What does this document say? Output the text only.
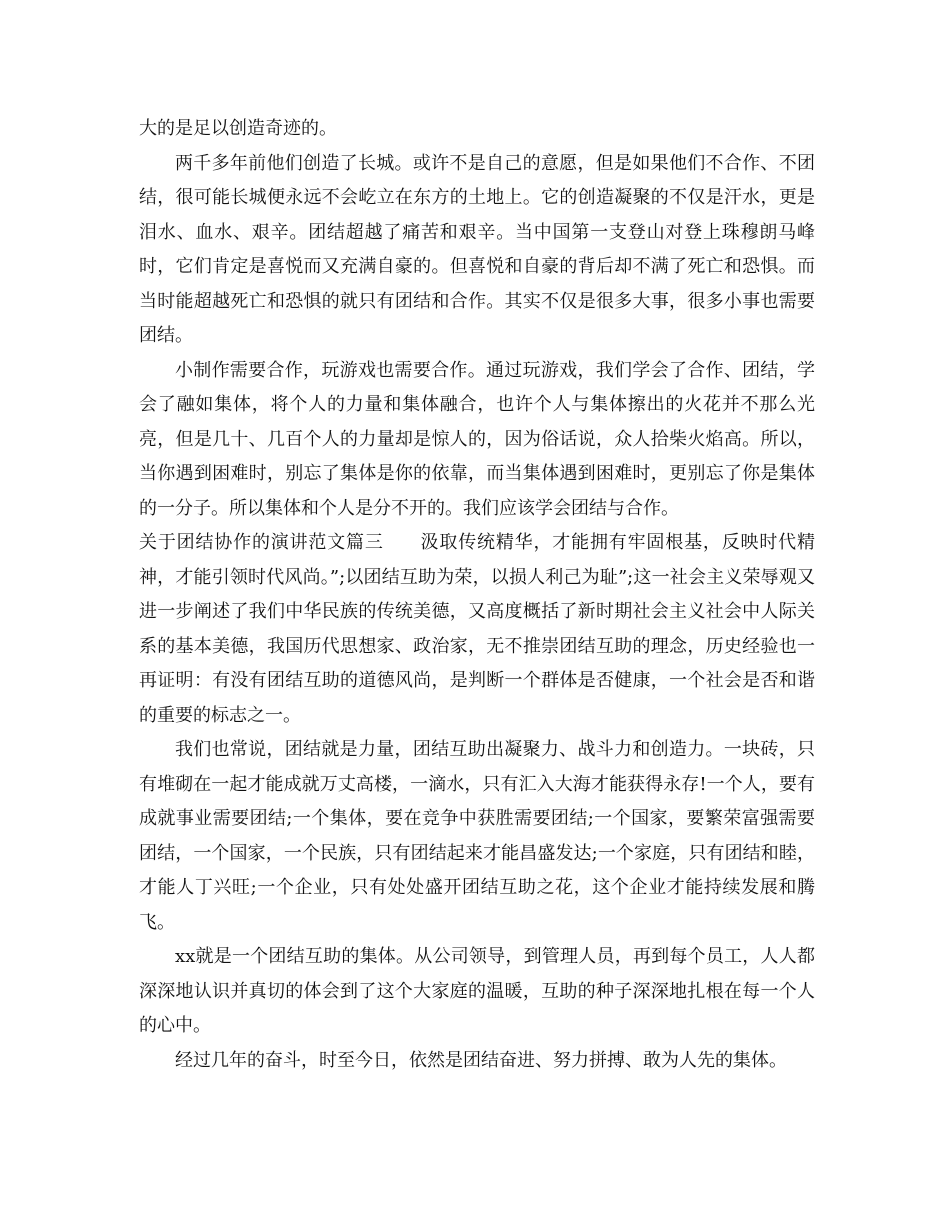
大的是足以创造奇迹的。

两千多年前他们创造了长城。或许不是自己的意愿，但是如果他们不合作、不团结，很可能长城便永远不会屹立在东方的土地上。它的创造凝聚的不仅是汗水，更是泪水、血水、艰辛。团结超越了痛苦和艰辛。当中国第一支登山对登上珠穆朗马峰时，它们肯定是喜悦而又充满自豪的。但喜悦和自豪的背后却不满了死亡和恐惧。而当时能超越死亡和恐惧的就只有团结和合作。其实不仅是很多大事，很多小事也需要团结。

小制作需要合作，玩游戏也需要合作。通过玩游戏，我们学会了合作、团结，学会了融如集体，将个人的力量和集体融合，也许个人与集体擦出的火花并不那么光亮，但是几十、几百个人的力量却是惊人的，因为俗话说，众人拾柴火焰高。所以，当你遇到困难时，别忘了集体是你的依靠，而当集体遇到困难时，更别忘了你是集体的一分子。所以集体和个人是分不开的。我们应该学会团结与合作。

关于团结协作的演讲范文篇三 汲取传统精华，才能拥有牢固根基，反映时代精神，才能引领时代风尚。”;以团结互助为荣，以损人利己为耻”;这一社会主义荣辱观又进一步阐述了我们中华民族的传统美德，又高度概括了新时期社会主义社会中人际关系的基本美德，我国历代思想家、政治家，无不推崇团结互助的理念，历史经验也一再证明：有没有团结互助的道德风尚，是判断一个群体是否健康，一个社会是否和谐的重要的标志之一。

我们也常说，团结就是力量，团结互助出凝聚力、战斗力和创造力。一块砖，只有堆砌在一起才能成就万丈高楼，一滴水，只有汇入大海才能获得永存!一个人，要有成就事业需要团结;一个集体，要在竞争中获胜需要团结;一个国家，要繁荣富强需要团结，一个国家，一个民族，只有团结起来才能昌盛发达;一个家庭，只有团结和睦，才能人丁兴旺;一个企业，只有处处盛开团结互助之花，这个企业才能持续发展和腾飞。

xx就是一个团结互助的集体。从公司领导，到管理人员，再到每个员工，人人都深深地认识并真切的体会到了这个大家庭的温暖，互助的种子深深地扎根在每一个人的心中。

经过几年的奋斗，时至今日，依然是团结奋进、努力拼搏、敢为人先的集体。
